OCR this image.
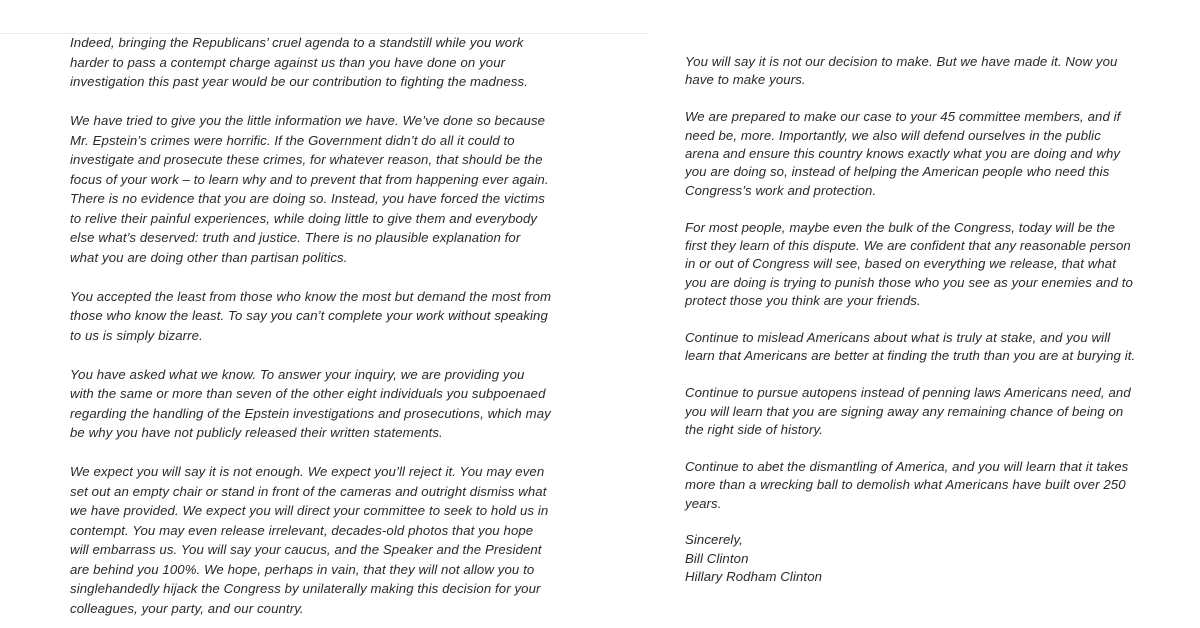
Indeed, bringing the Republicans’ cruel agenda to a standstill while you work harder to pass a contempt charge against us than you have done on your investigation this past year would be our contribution to fighting the madness.

We have tried to give you the little information we have. We’ve done so because Mr. Epstein’s crimes were horrific. If the Government didn’t do all it could to investigate and prosecute these crimes, for whatever reason, that should be the focus of your work – to learn why and to prevent that from happening ever again. There is no evidence that you are doing so. Instead, you have forced the victims to relive their painful experiences, while doing little to give them and everybody else what’s deserved: truth and justice. There is no plausible explanation for what you are doing other than partisan politics.

You accepted the least from those who know the most but demand the most from those who know the least. To say you can’t complete your work without speaking to us is simply bizarre.

You have asked what we know. To answer your inquiry, we are providing you with the same or more than seven of the other eight individuals you subpoenaed regarding the handling of the Epstein investigations and prosecutions, which may be why you have not publicly released their written statements.

We expect you will say it is not enough. We expect you’ll reject it. You may even set out an empty chair or stand in front of the cameras and outright dismiss what we have provided. We expect you will direct your committee to seek to hold us in contempt. You may even release irrelevant, decades-old photos that you hope will embarrass us. You will say your caucus, and the Speaker and the President are behind you 100%. We hope, perhaps in vain, that they will not allow you to singlehandedly hijack the Congress by unilaterally making this decision for your colleagues, your party, and our country.

You will say it is not our decision to make. But we have made it. Now you have to make yours.

We are prepared to make our case to your 45 committee members, and if need be, more. Importantly, we also will defend ourselves in the public arena and ensure this country knows exactly what you are doing and why you are doing so, instead of helping the American people who need this Congress’s work and protection.

For most people, maybe even the bulk of the Congress, today will be the first they learn of this dispute. We are confident that any reasonable person in or out of Congress will see, based on everything we release, that what you are doing is trying to punish those who you see as your enemies and to protect those you think are your friends.

Continue to mislead Americans about what is truly at stake, and you will learn that Americans are better at finding the truth than you are at burying it.

Continue to pursue autopens instead of penning laws Americans need, and you will learn that you are signing away any remaining chance of being on the right side of history.

Continue to abet the dismantling of America, and you will learn that it takes more than a wrecking ball to demolish what Americans have built over 250 years.

Sincerely,

Bill Clinton

Hillary Rodham Clinton
